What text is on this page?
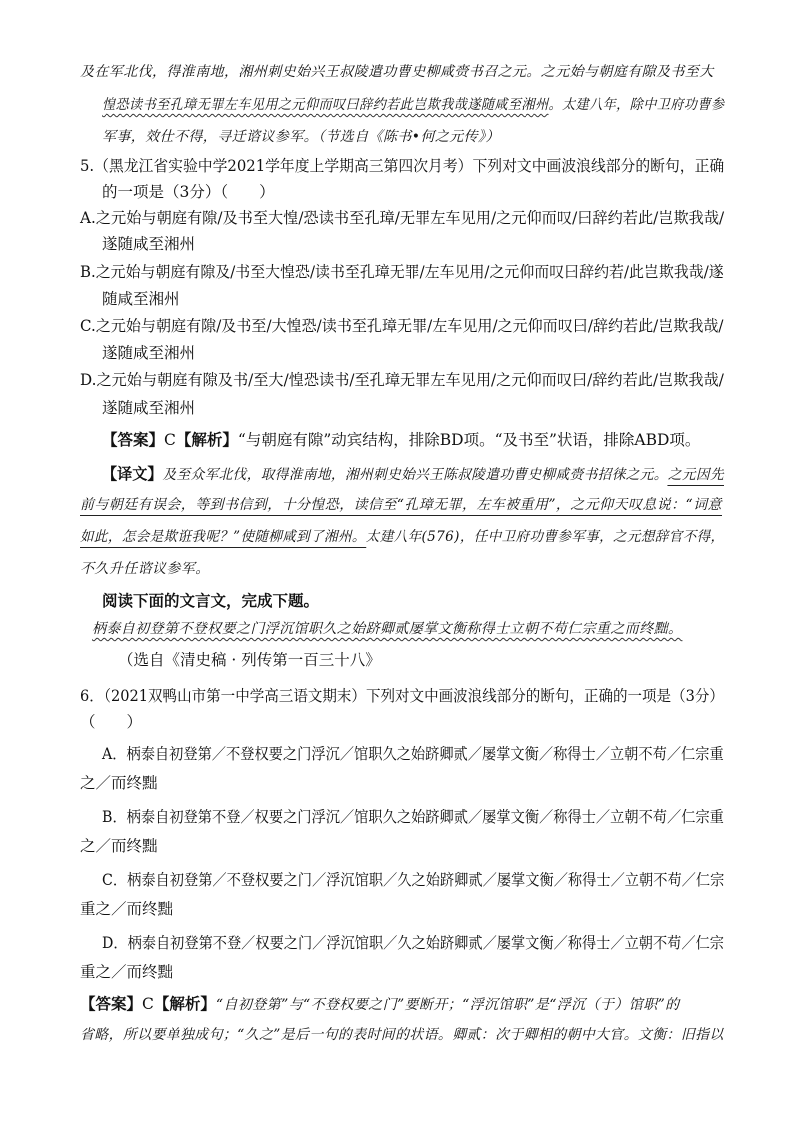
及在军北伐，得淮南地，湘州刺史始兴王叔陵遣功曹史柳咸赍书召之元。之元始与朝庭有隙及书至大
惶恐读书至孔璋无罪左车见用之元仰而叹曰辞约若此岂欺我哉遂随咸至湘州。太建八年，除中卫府功曹参
军事，效仕不得，寻迁谘议参军。（节选自《陈书•何之元传》）
5.（黑龙江省实验中学2021学年度上学期高三第四次月考）下列对文中画波浪线部分的断句，正确
的一项是（3分）（　　）
A.之元始与朝庭有隙/及书至大惶/恐读书至孔璋/无罪左车见用/之元仰而叹/曰辞约若此/岂欺我哉/
遂随咸至湘州
B.之元始与朝庭有隙及/书至大惶恐/读书至孔璋无罪/左车见用/之元仰而叹曰辞约若/此岂欺我哉/遂
随咸至湘州
C.之元始与朝庭有隙/及书至/大惶恐/读书至孔璋无罪/左车见用/之元仰而叹曰/辞约若此/岂欺我哉/
遂随咸至湘州
D.之元始与朝庭有隙及书/至大/惶恐读书/至孔璋无罪左车见用/之元仰而叹曰/辞约若此/岂欺我哉/
遂随咸至湘州
【答案】C【解析】“与朝庭有隙”动宾结构，排除BD项。“及书至”状语，排除ABD项。
【译文】及至众军北伐，取得淮南地，湘州刺史始兴王陈叔陵遣功曹史柳咸赍书招徕之元。之元因先
前与朝廷有误会，等到书信到，十分惶恐，读信至“孔璋无罪，左车被重用”，之元仰天叹息说：“词意
如此，怎会是欺诳我呢？”使随柳咸到了湘州。太建八年(576)，任中卫府功曹参军事，之元想辞官不得，
不久升任谘议参军。
阅读下面的文言文，完成下题。
柄泰自初登第不登权要之门浮沉馆职久之始跻卿贰屡掌文衡称得士立朝不苟仁宗重之而终黜。
（选自《清史稿 · 列传第一百三十八》
6．（2021双鸭山市第一中学高三语文期末）下列对文中画波浪线部分的断句，正确的一项是（3分）
（　　）
A．柄泰自初登第／不登权要之门浮沉／馆职久之始跻卿贰／屡掌文衡／称得士／立朝不苟／仁宗重
之／而终黜
B．柄泰自初登第不登／权要之门浮沉／馆职久之始跻卿贰／屡掌文衡／称得士／立朝不苟／仁宗重
之／而终黜
C．柄泰自初登第／不登权要之门／浮沉馆职／久之始跻卿贰／屡掌文衡／称得士／立朝不苟／仁宗
重之／而终黜
D．柄泰自初登第不登／权要之门／浮沉馆职／久之始跻卿贰／屡掌文衡／称得士／立朝不苟／仁宗
重之／而终黜
【答案】C【解析】“自初登第”与“不登权要之门”要断开；“浮沉馆职”是“浮沉（于）馆职”的
省略，所以要单独成句；“久之”是后一句的表时间的状语。卿贰：次于卿相的朝中大官。文衡：旧指以
